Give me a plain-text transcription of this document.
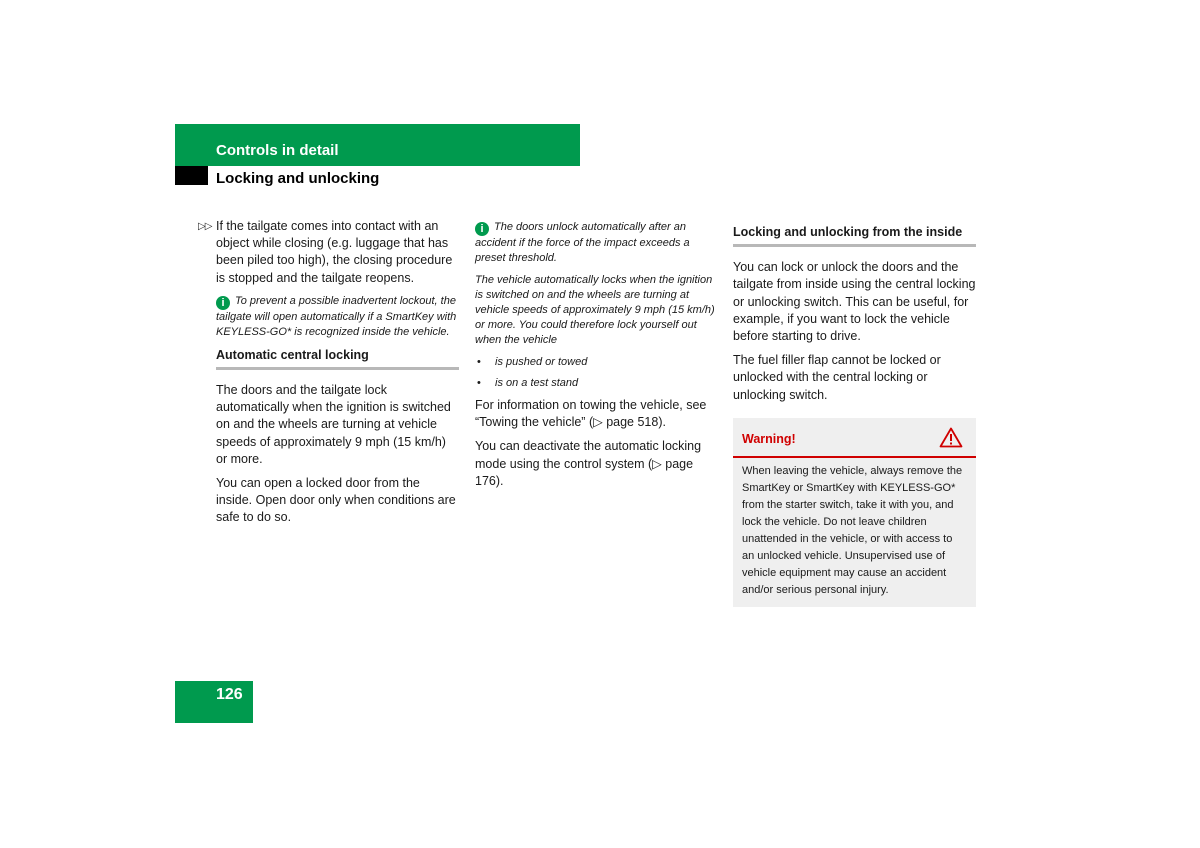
Controls in detail
Locking and unlocking
▷▷ If the tailgate comes into contact with an object while closing (e.g. luggage that has been piled too high), the closing procedure is stopped and the tailgate reopens.

i To prevent a possible inadvertent lockout, the tailgate will open automatically if a SmartKey with KEYLESS-GO* is recognized inside the vehicle.

Automatic central locking

The doors and the tailgate lock automatically when the ignition is switched on and the wheels are turning at vehicle speeds of approximately 9 mph (15 km/h) or more.

You can open a locked door from the inside. Open door only when conditions are safe to do so.

i The doors unlock automatically after an accident if the force of the impact exceeds a preset threshold.

The vehicle automatically locks when the ignition is switched on and the wheels are turning at vehicle speeds of approximately 9 mph (15 km/h) or more. You could therefore lock yourself out when the vehicle

• is pushed or towed
• is on a test stand

For information on towing the vehicle, see “Towing the vehicle” (▷ page 518).

You can deactivate the automatic locking mode using the control system (▷ page 176).

Locking and unlocking from the inside

You can lock or unlock the doors and the tailgate from inside using the central locking or unlocking switch. This can be useful, for example, if you want to lock the vehicle before starting to drive.

The fuel filler flap cannot be locked or unlocked with the central locking or unlocking switch.

Warning!
When leaving the vehicle, always remove the SmartKey or SmartKey with KEYLESS-GO* from the starter switch, take it with you, and lock the vehicle. Do not leave children unattended in the vehicle, or with access to an unlocked vehicle. Unsupervised use of vehicle equipment may cause an accident and/or serious personal injury.
126
